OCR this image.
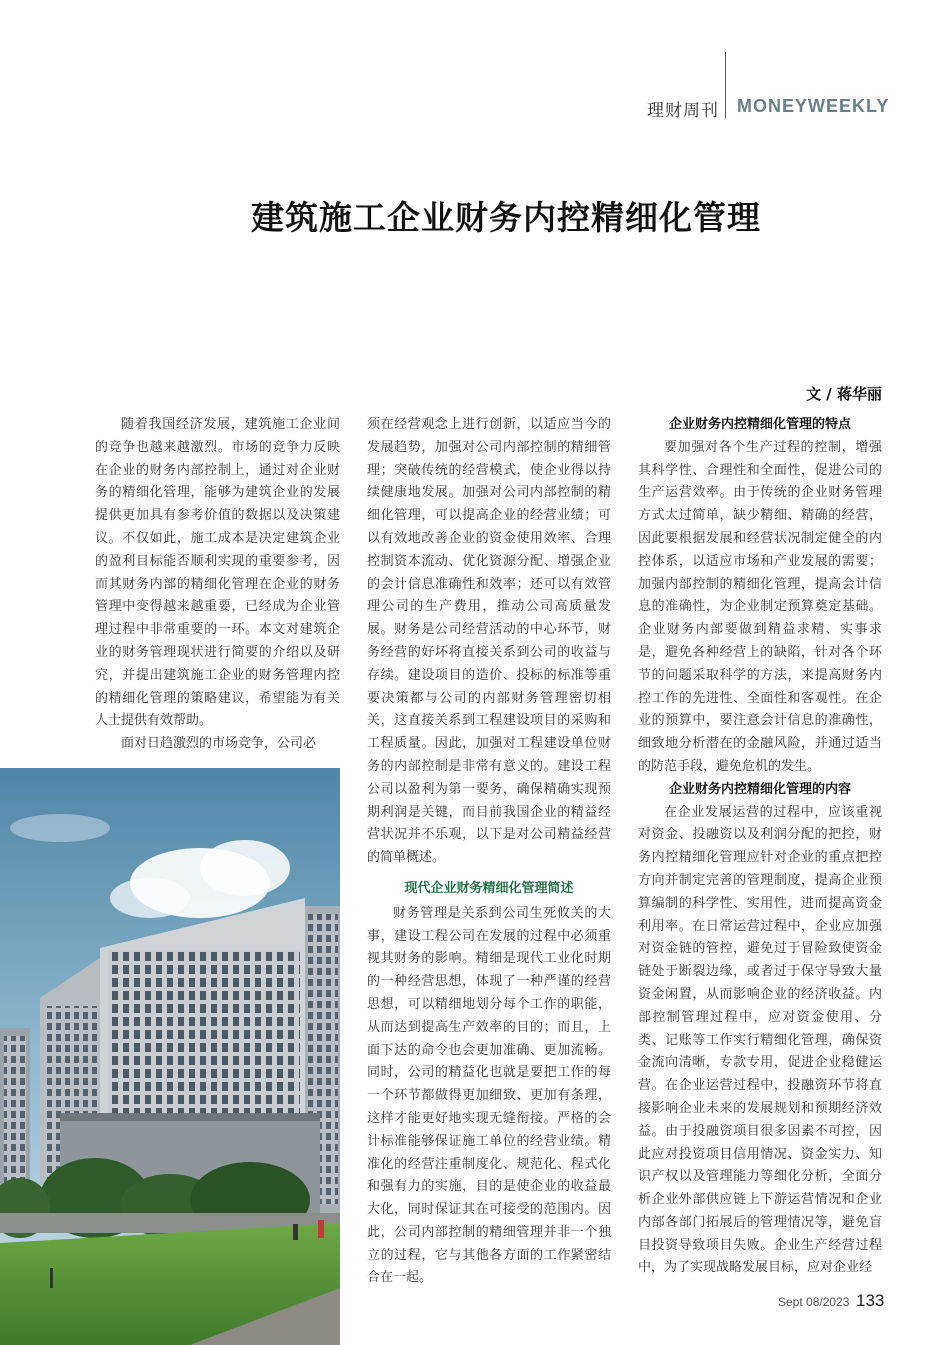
理财周刊 MONEYWEEKLY
建筑施工企业财务内控精细化管理
文 / 蒋华丽

随着我国经济发展，建筑施工企业间的竞争也越来越激烈。市场的竞争力反映在企业的财务内部控制上，通过对企业财务的精细化管理，能够为建筑企业的发展提供更加具有参考价值的数据以及决策建议。不仅如此，施工成本是决定建筑企业的盈利目标能否顺利实现的重要参考，因而其财务内部的精细化管理在企业的财务管理中变得越来越重要，已经成为企业管理过程中非常重要的一环。本文对建筑企业的财务管理现状进行简要的介绍以及研究，并提出建筑施工企业的财务管理内控的精细化管理的策略建议，希望能为有关人士提供有效帮助。

面对日趋激烈的市场竞争，公司必

须在经营观念上进行创新，以适应当今的发展趋势，加强对公司内部控制的精细管理；突破传统的经营模式，使企业得以持续健康地发展。加强对公司内部控制的精细化管理，可以提高企业的经营业绩；可以有效地改善企业的资金使用效率、合理控制资本流动、优化资源分配、增强企业的会计信息准确性和效率；还可以有效管理公司的生产费用，推动公司高质量发展。财务是公司经营活动的中心环节，财务经营的好坏将直接关系到公司的收益与存续。建设项目的造价、投标的标准等重要决策都与公司的内部财务管理密切相关，这直接关系到工程建设项目的采购和工程质量。因此，加强对工程建设单位财务的内部控制是非常有意义的。建设工程公司以盈利为第一要务，确保精确实现预期利润是关键，而目前我国企业的精益经营状况并不乐观，以下是对公司精益经营的简单概述。

现代企业财务精细化管理简述

财务管理是关系到公司生死攸关的大事，建设工程公司在发展的过程中必须重视其财务的影响。精细是现代工业化时期的一种经营思想，体现了一种严谨的经营思想，可以精细地划分每个工作的职能，从而达到提高生产效率的目的；而且，上面下达的命令也会更加准确、更加流畅。同时，公司的精益化也就是要把工作的每一个环节都做得更加细致、更加有条理，这样才能更好地实现无缝衔接。严格的会计标准能够保证施工单位的经营业绩。精准化的经营注重制度化、规范化、程式化和强有力的实施，目的是使企业的收益最大化，同时保证其在可接受的范围内。因此，公司内部控制的精细管理并非一个独立的过程，它与其他各方面的工作紧密结合在一起。

企业财务内控精细化管理的特点

要加强对各个生产过程的控制，增强其科学性、合理性和全面性，促进公司的生产运营效率。由于传统的企业财务管理方式太过简单，缺少精细、精确的经营，因此要根据发展和经营状况制定健全的内控体系，以适应市场和产业发展的需要；加强内部控制的精细化管理，提高会计信息的准确性，为企业制定预算奠定基础。企业财务内部要做到精益求精、实事求是，避免各种经营上的缺陷，针对各个环节的问题采取科学的方法，来提高财务内控工作的先进性、全面性和客观性。在企业的预算中，要注意会计信息的准确性，细致地分析潜在的金融风险，并通过适当的防范手段，避免危机的发生。

企业财务内控精细化管理的内容

在企业发展运营的过程中，应该重视对资金、投融资以及利润分配的把控，财务内控精细化管理应针对企业的重点把控方向并制定完善的管理制度，提高企业预算编制的科学性、实用性，进而提高资金利用率。在日常运营过程中，企业应加强对资金链的管控，避免过于冒险致使资金链处于断裂边缘，或者过于保守导致大量资金闲置，从而影响企业的经济收益。内部控制管理过程中，应对资金使用、分类、记账等工作实行精细化管理，确保资金流向清晰，专款专用，促进企业稳健运营。在企业运营过程中，投融资环节将直接影响企业未来的发展规划和预期经济效益。由于投融资项目很多因素不可控，因此应对投资项目信用情况、资金实力、知识产权以及管理能力等细化分析，全面分析企业外部供应链上下游运营情况和企业内部各部门拓展后的管理情况等，避免盲目投资导致项目失败。企业生产经营过程中，为了实现战略发展目标，应对企业经

Sept 08/2023 133
